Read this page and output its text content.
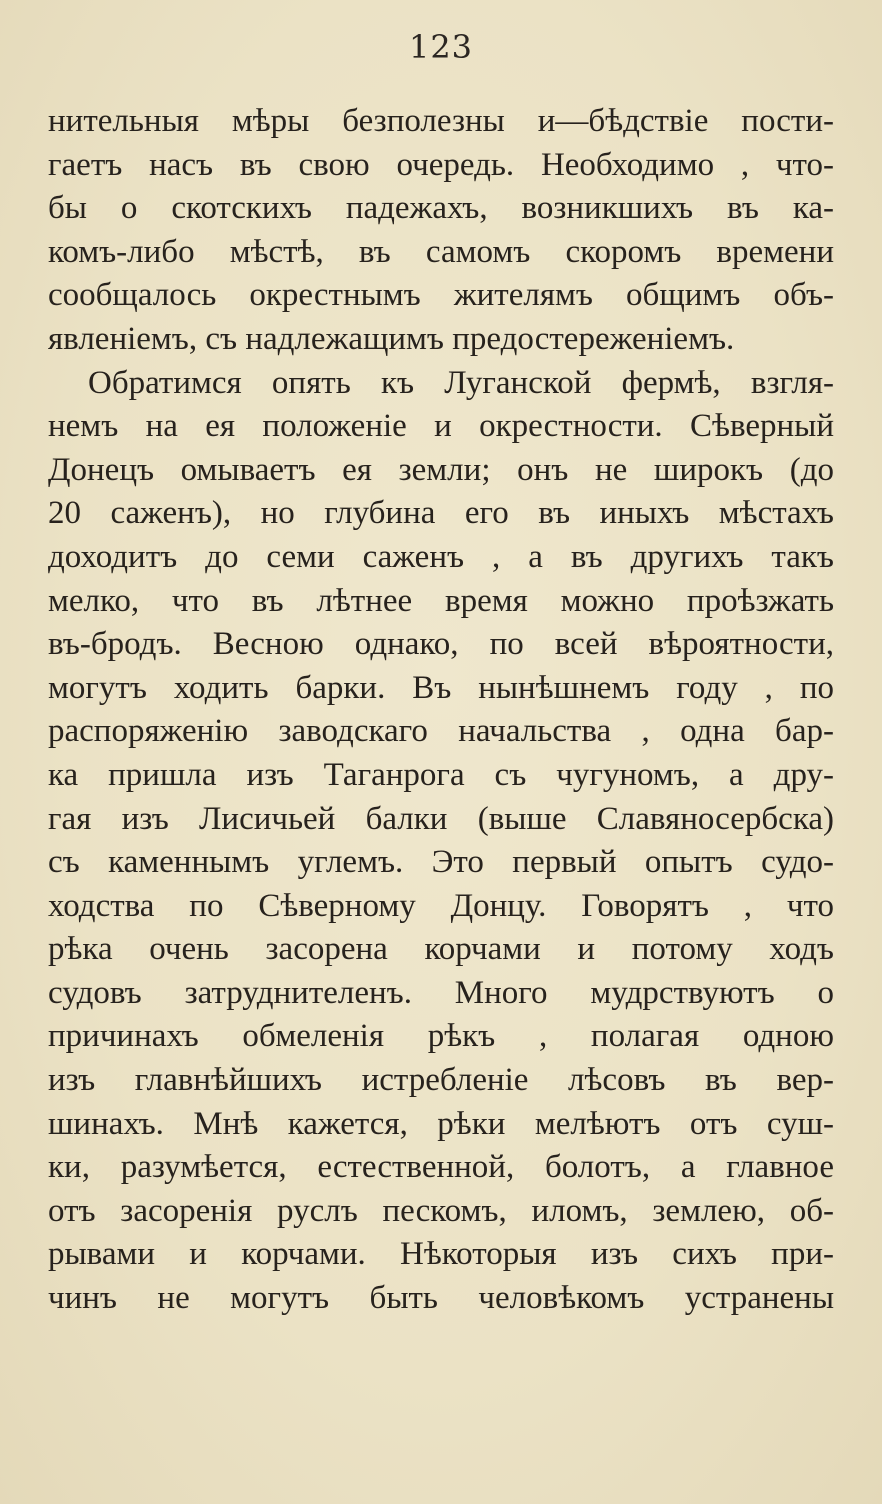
123
нительныя мѣры безполезны и—бѣдствіе пости-
гаетъ насъ въ свою очередь. Необходимо , что-
бы о скотскихъ падежахъ, возникшихъ въ ка-
комъ-либо мѣстѣ, въ самомъ скоромъ времени
сообщалось окрестнымъ жителямъ общимъ объ-
явленіемъ, съ надлежащимъ предостереженіемъ.
Обратимся опять къ Луганской фермѣ, взгля-
немъ на ея положеніе и окрестности. Сѣверный
Донецъ омываетъ ея земли; онъ не широкъ (до
20 саженъ), но глубина его въ иныхъ мѣстахъ
доходитъ до семи саженъ , а въ другихъ такъ
мелко, что въ лѣтнее время можно проѣзжать
въ-бродъ. Весною однако, по всей вѣроятности,
могутъ ходить барки. Въ нынѣшнемъ году , по
распоряженію заводскаго начальства , одна бар-
ка пришла изъ Таганрога съ чугуномъ, а дру-
гая изъ Лисичьей балки (выше Славяносербска)
съ каменнымъ углемъ. Это первый опытъ судо-
ходства по Сѣверному Донцу. Говорятъ , что
рѣка очень засорена корчами и потому ходъ
судовъ затруднителенъ. Много мудрствуютъ о
причинахъ обмеленія рѣкъ , полагая одною
изъ главнѣйшихъ истребленіе лѣсовъ въ вер-
шинахъ. Мнѣ кажется, рѣки мелѣютъ отъ суш-
ки, разумѣется, естественной, болотъ, а главное
отъ засоренія руслъ пескомъ, иломъ, землею, об-
рывами и корчами. Нѣкоторыя изъ сихъ при-
чинъ не могутъ быть человѣкомъ устранены
